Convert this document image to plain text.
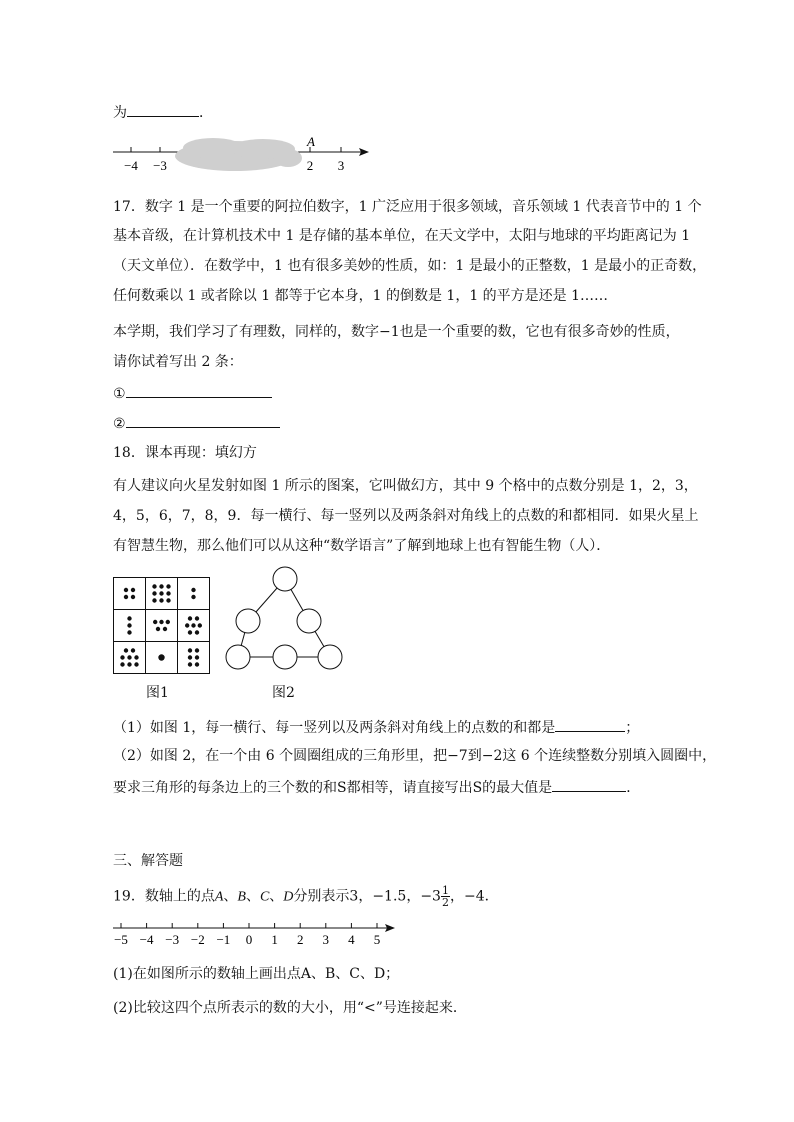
为	．
−4 −3	2 3
A
17．数字 1 是一个重要的阿拉伯数字，1 广泛应用于很多领域，音乐领域 1 代表音节中的 1 个
基本音级，在计算机技术中 1 是存储的基本单位，在天文学中，太阳与地球的平均距离记为 1
（天文单位）．在数学中，1 也有很多美妙的性质，如：1 是最小的正整数，1 是最小的正奇数，
任何数乘以 1 或者除以 1 都等于它本身，1 的倒数是 1，1 的平方是还是 1……
本学期，我们学习了有理数，同样的，数字−1也是一个重要的数，它也有很多奇妙的性质，
请你试着写出 2 条：
①
②
18．课本再现：填幻方
有人建议向火星发射如图 1 所示的图案，它叫做幻方，其中 9 个格中的点数分别是 1，2，3，
4，5，6，7，8，9．每一横行、每一竖列以及两条斜对角线上的点数的和都相同．如果火星上
有智慧生物，那么他们可以从这种“数学语言”了解到地球上也有智能生物（人）．
图1	图2
（1）如图 1，每一横行、每一竖列以及两条斜对角线上的点数的和都是	；
（2）如图 2，在一个由 6 个圆圈组成的三角形里，把−7到−2这 6 个连续整数分别填入圆圈中，
要求三角形的每条边上的三个数的和S都相等，请直接写出S的最大值是	．
三、解答题
19．数轴上的点A、B、C、D分别表示3，−1.5，$-3 \frac{1}{2}$ ，−4．
−5 −4 −3 −2 −1 0 1 2 3 4 5
(1)在如图所示的数轴上画出点A、B、C、D；
(2)比较这四个点所表示的数的大小，用“<”号连接起来．
